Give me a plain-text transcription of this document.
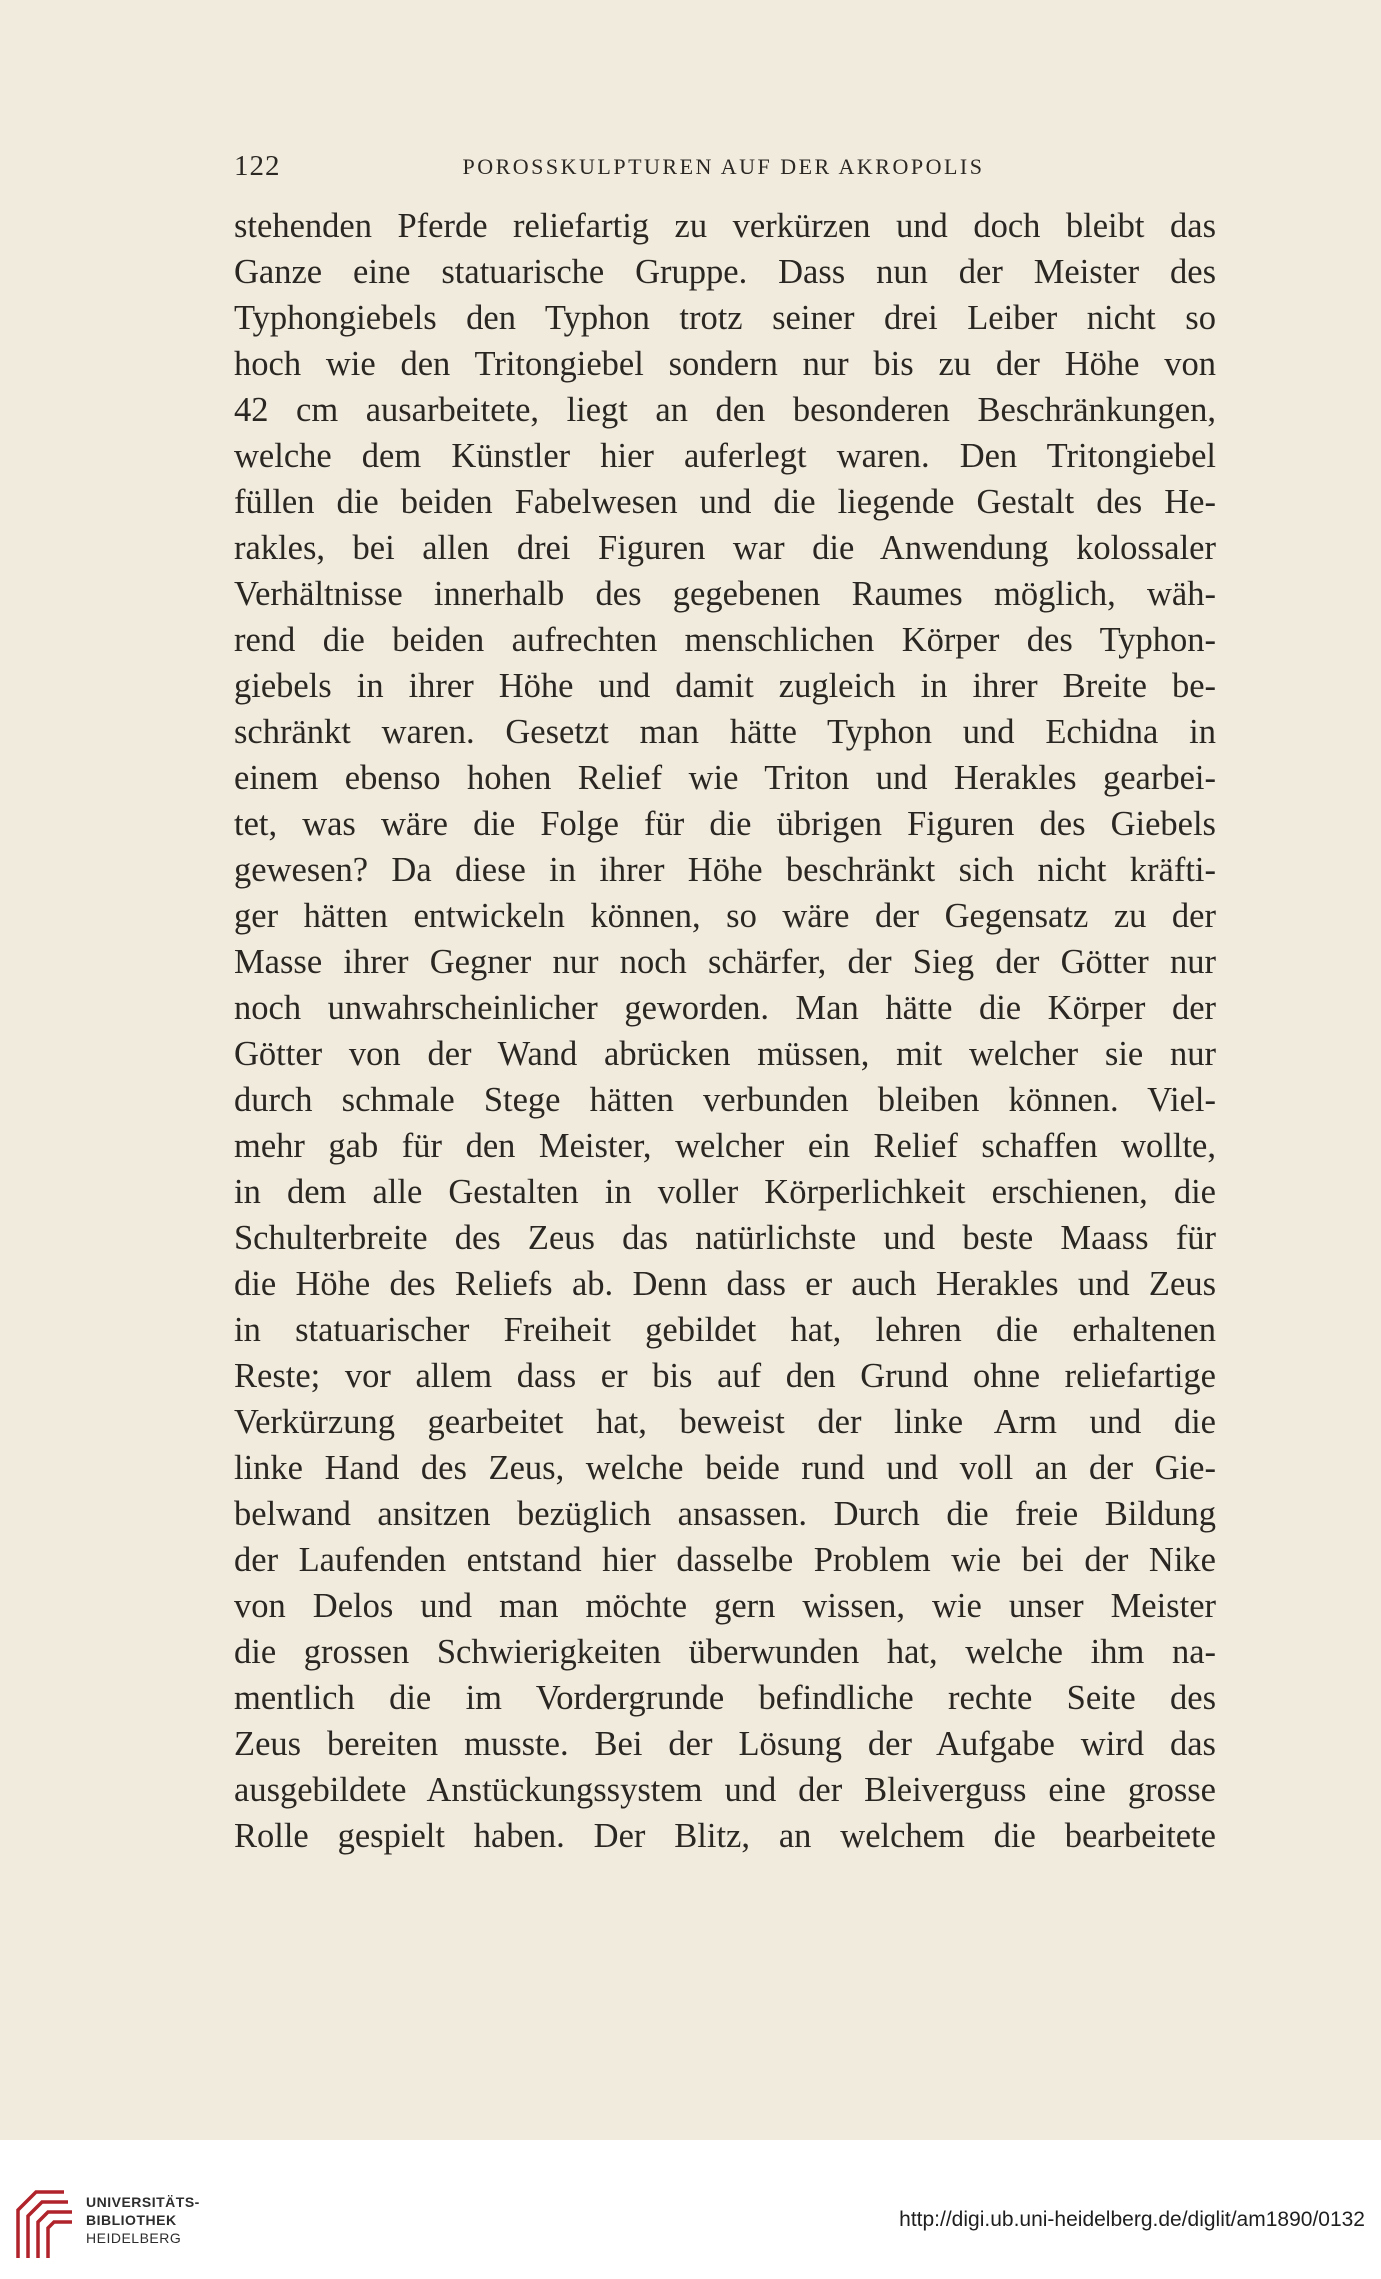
122	POROSSKULPTUREN AUF DER AKROPOLIS
stehenden Pferde reliefartig zu verkürzen und doch bleibt das
Ganze eine statuarische Gruppe. Dass nun der Meister des
Typhongiebels den Typhon trotz seiner drei Leiber nicht so
hoch wie den Tritongiebel sondern nur bis zu der Höhe von
42 cm ausarbeitete, liegt an den besonderen Beschränkungen,
welche dem Künstler hier auferlegt waren. Den Tritongiebel
füllen die beiden Fabelwesen und die liegende Gestalt des He-
rakles, bei allen drei Figuren war die Anwendung kolossaler
Verhältnisse innerhalb des gegebenen Raumes möglich, wäh-
rend die beiden aufrechten menschlichen Körper des Typhon-
giebels in ihrer Höhe und damit zugleich in ihrer Breite be-
schränkt waren. Gesetzt man hätte Typhon und Echidna in
einem ebenso hohen Relief wie Triton und Herakles gearbei-
tet, was wäre die Folge für die übrigen Figuren des Giebels
gewesen? Da diese in ihrer Höhe beschränkt sich nicht kräfti-
ger hätten entwickeln können, so wäre der Gegensatz zu der
Masse ihrer Gegner nur noch schärfer, der Sieg der Götter nur
noch unwahrscheinlicher geworden. Man hätte die Körper der
Götter von der Wand abrücken müssen, mit welcher sie nur
durch schmale Stege hätten verbunden bleiben können. Viel-
mehr gab für den Meister, welcher ein Relief schaffen wollte,
in dem alle Gestalten in voller Körperlichkeit erschienen, die
Schulterbreite des Zeus das natürlichste und beste Maass für
die Höhe des Reliefs ab. Denn dass er auch Herakles und Zeus
in statuarischer Freiheit gebildet hat, lehren die erhaltenen
Reste; vor allem dass er bis auf den Grund ohne reliefartige
Verkürzung gearbeitet hat, beweist der linke Arm und die
linke Hand des Zeus, welche beide rund und voll an der Gie-
belwand ansitzen bezüglich ansassen. Durch die freie Bildung
der Laufenden entstand hier dasselbe Problem wie bei der Nike
von Delos und man möchte gern wissen, wie unser Meister
die grossen Schwierigkeiten überwunden hat, welche ihm na-
mentlich die im Vordergrunde befindliche rechte Seite des
Zeus bereiten musste. Bei der Lösung der Aufgabe wird das
ausgebildete Anstückungssystem und der Bleiverguss eine grosse
Rolle gespielt haben. Der Blitz, an welchem die bearbeitete
UNIVERSITÄTS-
BIBLIOTHEK
HEIDELBERG
http://digi.ub.uni-heidelberg.de/diglit/am1890/0132
